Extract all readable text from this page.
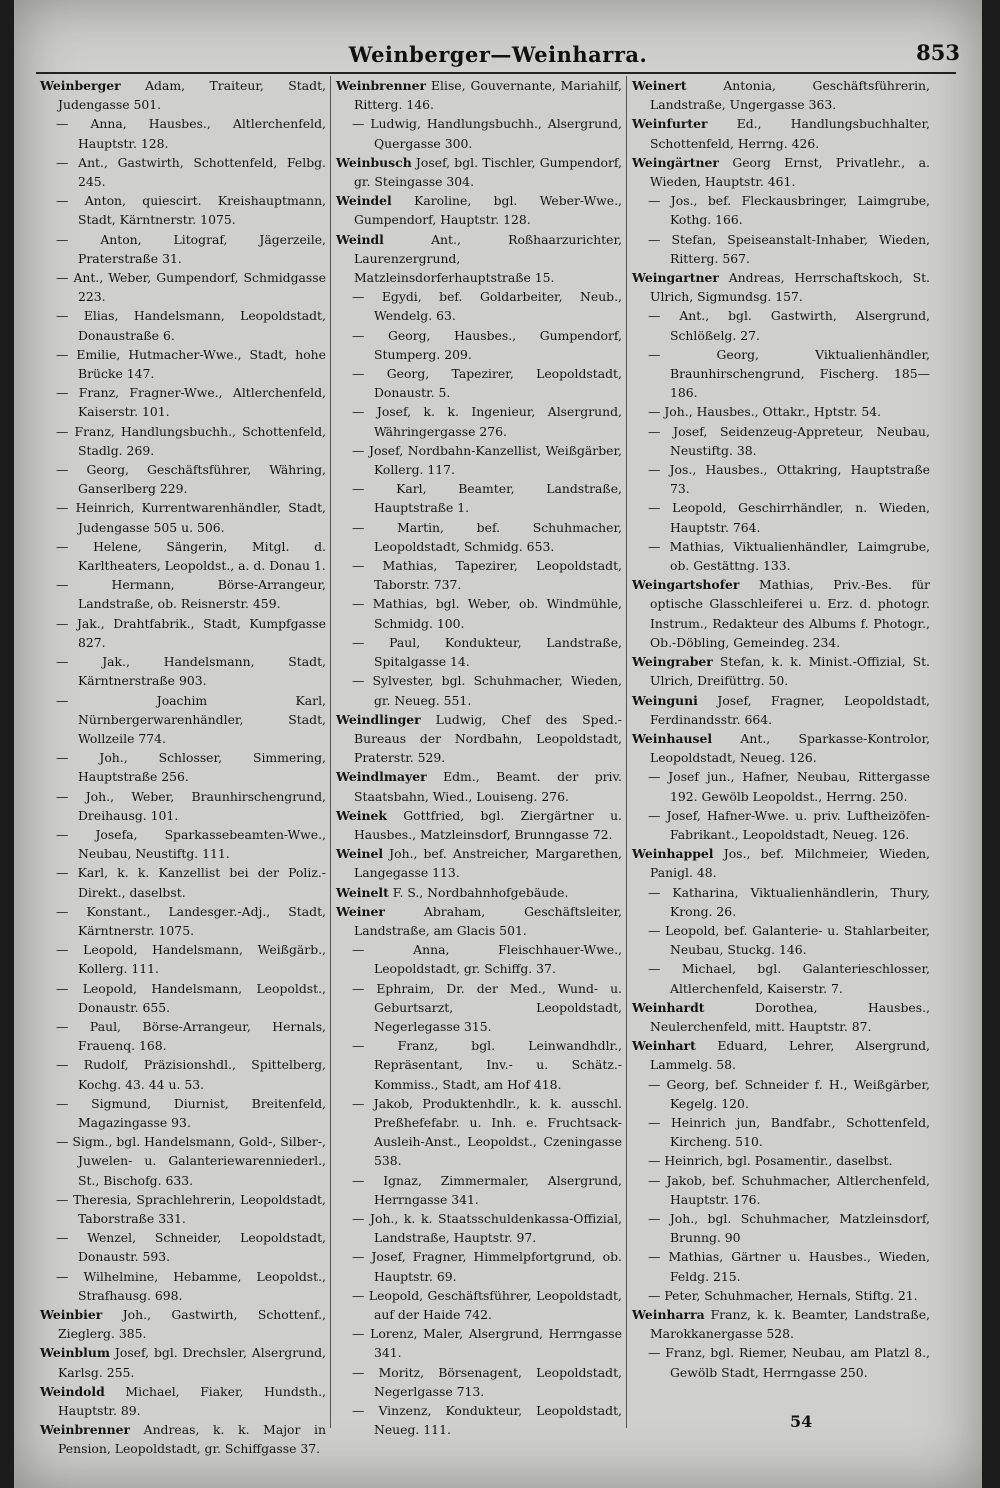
Weinberger—Weinharra.	853
Weinberger Adam, Traiteur, Stadt, Judengasse 501.
— Anna, Hausbes., Altlerchenfeld, Hauptstr. 128.
— Ant., Gastwirth, Schottenfeld, Felbg. 245.
— Anton, quiescirt. Kreishauptmann, Stadt, Kärntnerstr. 1075.
— Anton, Litograf, Jägerzeile, Praterstraße 31.
— Ant., Weber, Gumpendorf, Schmidgasse 223.
— Elias, Handelsmann, Leopoldstadt, Donaustraße 6.
— Emilie, Hutmacher-Wwe., Stadt, hohe Brücke 147.
— Franz, Fragner-Wwe., Altlerchenfeld, Kaiserstr. 101.
— Franz, Handlungsbuchh., Schottenfeld, Stadlg. 269.
— Georg, Geschäftsführer, Währing, Ganserlberg 229.
— Heinrich, Kurrentwarenhändler, Stadt, Judengasse 505 u. 506.
— Helene, Sängerin, Mitgl. d. Karltheaters, Leopoldst., a. d. Donau 1.
— Hermann, Börse-Arrangeur, Landstraße, ob. Reisnerstr. 459.
— Jak., Drahtfabrik., Stadt, Kumpfgasse 827.
— Jak., Handelsmann, Stadt, Kärntnerstraße 903.
— Joachim Karl, Nürnbergerwarenhändler, Stadt, Wollzeile 774.
— Joh., Schlosser, Simmering, Hauptstraße 256.
— Joh., Weber, Braunhirschengrund, Dreihausg. 101.
— Josefa, Sparkassebeamten-Wwe., Neubau, Neustiftg. 111.
— Karl, k. k. Kanzellist bei der Poliz.-Direkt., daselbst.
— Konstant., Landesger.-Adj., Stadt, Kärntnerstr. 1075.
— Leopold, Handelsmann, Weißgärb., Kollerg. 111.
— Leopold, Handelsmann, Leopoldst., Donaustr. 655.
— Paul, Börse-Arrangeur, Hernals, Frauenq. 168.
— Rudolf, Präzisionshdl., Spittelberg, Kochg. 43. 44 u. 53.
— Sigmund, Diurnist, Breitenfeld, Magazingasse 93.
— Sigm., bgl. Handelsmann, Gold-, Silber-, Juwelen- u. Galanteriewarenniederl., St., Bischofg. 633.
— Theresia, Sprachlehrerin, Leopoldstadt, Taborstraße 331.
— Wenzel, Schneider, Leopoldstadt, Donaustr. 593.
— Wilhelmine, Hebamme, Leopoldst., Strafhausg. 698.
Weinbier Joh., Gastwirth, Schottenf., Zieglerg. 385.
Weinblum Josef, bgl. Drechsler, Alsergrund, Karlsg. 255.
Weindold Michael, Fiaker, Hundsth., Hauptstr. 89.
Weinbrenner Andreas, k. k. Major in Pension, Leopoldstadt, gr. Schiffgasse 37.
Weinbrenner Elise, Gouvernante, Mariahilf, Ritterg. 146.
— Ludwig, Handlungsbuchh., Alsergrund, Quergasse 300.
Weinbusch Josef, bgl. Tischler, Gumpendorf, gr. Steingasse 304.
Weindel Karoline, bgl. Weber-Wwe., Gumpendorf, Hauptstr. 128.
Weindl	Ant., Roßhaarzurichter, Laurenzergrund, Matzleinsdorferhauptstraße 15.
— Egydi, bef. Goldarbeiter, Neub., Wendelg. 63.
— Georg, Hausbes., Gumpendorf, Stumperg. 209.
— Georg, Tapezirer, Leopoldstadt, Donaustr. 5.
— Josef, k. k. Ingenieur, Alsergrund, Währingergasse 276.
— Josef, Nordbahn-Kanzellist, Weißgärber, Kollerg. 117.
— Karl, Beamter, Landstraße, Hauptstraße 1.
— Martin, bef. Schuhmacher, Leopoldstadt, Schmidg. 653.
— Mathias, Tapezirer, Leopoldstadt, Taborstr. 737.
— Mathias, bgl. Weber, ob. Windmühle, Schmidg. 100.
— Paul, Kondukteur, Landstraße, Spitalgasse 14.
— Sylvester, bgl. Schuhmacher, Wieden, gr. Neueg. 551.
Weindlinger Ludwig, Chef des Sped.-Bureaus der Nordbahn, Leopoldstadt, Praterstr. 529.
Weindlmayer Edm., Beamt. der priv. Staatsbahn, Wied., Louiseng. 276.
Weinek Gottfried, bgl. Ziergärtner u. Hausbes., Matzleinsdorf, Brunngasse 72.
Weinel Joh., bef. Anstreicher, Margarethen, Langegasse 113.
Weinelt F. S., Nordbahnhofgebäude.
Weiner	Abraham, Geschäftsleiter, Landstraße, am Glacis 501.
— Anna, Fleischhauer-Wwe., Leopoldstadt, gr. Schiffg. 37.
— Ephraim, Dr. der Med., Wund- u. Geburtsarzt, Leopoldstadt, Negerlegasse 315.
— Franz, bgl. Leinwandhdlr., Repräsentant, Inv.- u. Schätz.-Kommiss., Stadt, am Hof 418.
— Jakob, Produktenhdlr., k. k. ausschl. Preßhefefabr. u. Inh. e. Fruchtsack-Ausleih-Anst., Leopoldst., Czeningasse 538.
— Ignaz, Zimmermaler, Alsergrund, Herrngasse 341.
— Joh., k. k. Staatsschuldenkassa-Offizial, Landstraße, Hauptstr. 97.
— Josef, Fragner, Himmelpfortgrund, ob. Hauptstr. 69.
— Leopold, Geschäftsführer, Leopoldstadt, auf der Haide 742.
— Lorenz, Maler, Alsergrund, Herrngasse 341.
— Moritz, Börsenagent, Leopoldstadt, Negerlgasse 713.
— Vinzenz, Kondukteur, Leopoldstadt, Neueg. 111.
Weinert	Antonia, Geschäftsführerin, Landstraße, Ungergasse 363.
Weinfurter Ed., Handlungsbuchhalter, Schottenfeld, Herrng. 426.
Weingärtner Georg Ernst, Privatlehr., a. Wieden, Hauptstr. 461.
— Jos., bef. Fleckausbringer, Laimgrube, Kothg. 166.
— Stefan, Speiseanstalt-Inhaber, Wieden, Ritterg. 567.
Weingartner Andreas, Herrschaftskoch, St. Ulrich, Sigmundsg. 157.
— Ant., bgl. Gastwirth, Alsergrund, Schlößelg. 27.
— Georg, Viktualienhändler, Braunhirschengrund, Fischerg. 185—186.
— Joh., Hausbes., Ottakr., Hptstr. 54.
— Josef, Seidenzeug-Appreteur, Neubau, Neustiftg. 38.
— Jos., Hausbes., Ottakring, Hauptstraße 73.
— Leopold, Geschirrhändler, n. Wieden, Hauptstr. 764.
— Mathias, Viktualienhändler, Laimgrube, ob. Gestättng. 133.
Weingartshofer Mathias, Priv.-Bes. für optische Glasschleiferei u. Erz. d. photogr. Instrum., Redakteur des Albums f. Photogr., Ob.-Döbling, Gemeindeg. 234.
Weingraber Stefan, k. k. Minist.-Offizial, St. Ulrich, Dreifüttrg. 50.
Weinguni Josef, Fragner, Leopoldstadt, Ferdinandsstr. 664.
Weinhausel Ant., Sparkasse-Kontrolor, Leopoldstadt, Neueg. 126.
— Josef jun., Hafner, Neubau, Rittergasse 192. Gewölb Leopoldst., Herrng. 250.
— Josef, Hafner-Wwe. u. priv. Luftheizöfen-Fabrikant., Leopoldstadt, Neueg. 126.
Weinhappel Jos., bef. Milchmeier, Wieden, Panigl. 48.
— Katharina, Viktualienhändlerin, Thury, Krong. 26.
— Leopold, bef. Galanterie- u. Stahlarbeiter, Neubau, Stuckg. 146.
— Michael, bgl. Galanterieschlosser, Altlerchenfeld, Kaiserstr. 7.
Weinhardt	Dorothea, Hausbes., Neulerchenfeld, mitt. Hauptstr. 87.
Weinhart Eduard, Lehrer, Alsergrund, Lammelg. 58.
— Georg, bef. Schneider f. H., Weißgärber, Kegelg. 120.
— Heinrich jun, Bandfabr., Schottenfeld, Kircheng. 510.
— Heinrich, bgl. Posamentir., daselbst.
— Jakob, bef. Schuhmacher, Altlerchenfeld, Hauptstr. 176.
— Joh., bgl. Schuhmacher, Matzleinsdorf, Brunng. 90
— Mathias, Gärtner u. Hausbes., Wieden, Feldg. 215.
— Peter, Schuhmacher, Hernals, Stiftg. 21.
Weinharra Franz, k. k. Beamter, Landstraße, Marokkanergasse 528.
— Franz, bgl. Riemer, Neubau, am Platzl 8., Gewölb Stadt, Herrngasse 250.
54
